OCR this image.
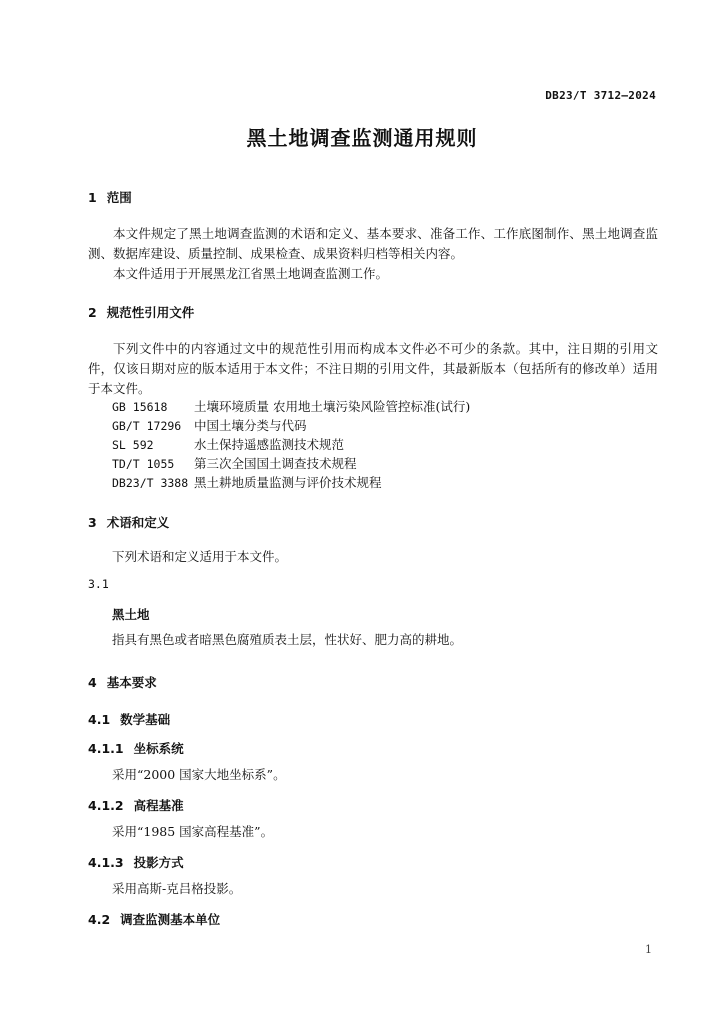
DB23/T 3712—2024
黑土地调查监测通用规则
1 范围
本文件规定了黑土地调查监测的术语和定义、基本要求、准备工作、工作底图制作、黑土地调查监测、数据库建设、质量控制、成果检查、成果资料归档等相关内容。
本文件适用于开展黑龙江省黑土地调查监测工作。
2 规范性引用文件
下列文件中的内容通过文中的规范性引用而构成本文件必不可少的条款。其中，注日期的引用文件，仅该日期对应的版本适用于本文件；不注日期的引用文件，其最新版本（包括所有的修改单）适用于本文件。
GB 15618 土壤环境质量 农用地土壤污染风险管控标准(试行)
GB/T 17296 中国土壤分类与代码
SL 592	水土保持遥感监测技术规范
TD/T 1055 第三次全国国土调查技术规程
DB23/T 3388 黑土耕地质量监测与评价技术规程
3 术语和定义
下列术语和定义适用于本文件。
3.1
黑土地
指具有黑色或者暗黑色腐殖质表土层，性状好、肥力高的耕地。
4 基本要求
4.1 数学基础
4.1.1 坐标系统
采用“2000 国家大地坐标系”。
4.1.2 高程基准
采用“1985 国家高程基准”。
4.1.3 投影方式
采用高斯-克吕格投影。
4.2 调查监测基本单位
1
